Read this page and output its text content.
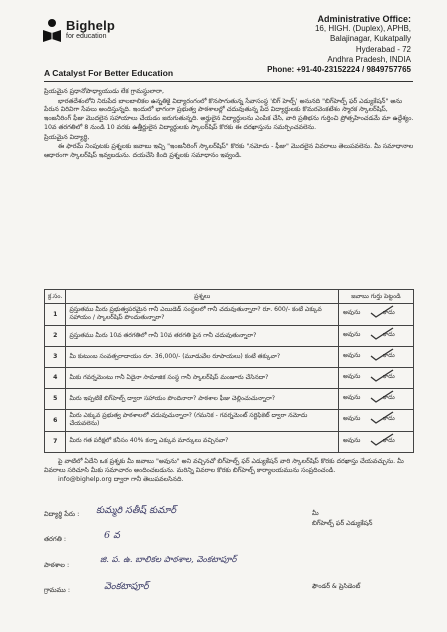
Bighelp
for education
A Catalyst For Better Education
Administrative Office:
16, HIGH. (Duplex), APHB,
Balajinagar, Kukatpally
Hyderabad - 72
Andhra Pradesh, INDIA
Phone: +91-40-23152224 / 9849757765

ప్రియమైన ప్రధానోపాధ్యాయుడు లేక గ్రామస్థులారా,

భారతదేశంలోని నిరుపేద బాలబాలికల ఉన్నతికై విద్యారంగంలో కొనసాగుతున్న సేవాసంస్థ 'బిగ్ హెల్ప్' అనునది "బిగ్‌హెల్ప్ ఫర్ ఎడ్యుకేషన్" అను పేరున విరివిగా సేవలు అందిస్తున్నది. ఇందులో భాగంగా ప్రభుత్వ పాఠశాలల్లో చదువుతున్న పేద విద్యార్థులకు కొమరవెంకటేశం స్మారక స్కాలర్‌షిప్, ఇంజనీరింగ్ ఫీజు మొదలైన సహాయాలు చేయడం జరుగుతున్నది. అర్హులైన విద్యార్థులను ఎంపిక చేసి, వారి ప్రతిభను గుర్తించి ప్రోత్సహించడమే మా ఉద్దేశ్యం. 10వ తరగతిలో 8 నుండి 10 వరకు ఉత్తీర్ణులైన విద్యార్థులకు స్కాలర్‌షిప్ కొరకు ఈ దరఖాస్తును సమర్పించవలెను.

ప్రియమైన విద్యార్థి,

ఈ ఫారమ్ నింపుటకు ప్రశ్నలకు జవాబు ఇచ్చి "ఇంజనీరింగ్ స్కాలర్‌షిప్" కొరకు "నమోదు - ఫీజు" మొదలైన వివరాలు తెలుపవలెను. మీ సమాధానాల ఆధారంగా స్కాలర్‌షిప్ ఇవ్వబడును. దయచేసి కింది ప్రశ్నలకు సమాధానం ఇవ్వండి.

క్ర.సం.	ప్రశ్నలు	జవాబు గుర్తు పెట్టండి
1	ప్రస్తుతము మీరు ప్రభుత్వపరమైన గానీ ఎయిడెడ్ సంస్థలలో గానీ చదువుతున్నారా? రూ. 600/- కంటే ఎక్కువ సహాయం / స్కాలర్‌షిప్ పొందుతున్నారా?	అవును కాదు

2	ప్రస్తుతము మీరు 10వ తరగతిలో గానీ 10వ తరగతి పైన గానీ చదువుతున్నారా?	అవును కాదు

3	మీ కుటుంబ సంవత్సరాదాయం రూ. 36,000/- (మూడువేల రూపాయలు) కంటే తక్కువా?	అవును కాదు

4	మీకు గవర్నమెంటు గానీ ఏదైనా సామాజిక సంస్థ గానీ స్కాలర్‌షిప్ మంజూరు చేసినదా?	అవును కాదు

5	మీరు ఇప్పటికే బిగ్‌హెల్ప్ ద్వారా సహాయం పొందినారా? పాఠశాల ఫీజు చెల్లించుచున్నారా?	అవును కాదు

6	మీరు ఎక్కువ ప్రభుత్వ పాఠశాలలో చదువుచున్నారా? (గమనిక - గవర్నమెంట్ సర్టిఫికెట్ ద్వారా నమోదు చేయవలెను)	అవును కాదు

7	మీరు గత పరీక్షలో కనీసం 40% కన్నా ఎక్కువ మార్కులు వచ్చినవా?	అవును కాదు

పై వాటిలో ఏదేని ఒక ప్రశ్నకు మీ జవాబు "అవును" అని వచ్చినచో బిగ్‌హెల్ప్ ఫర్ ఎడ్యుకేషన్ వారి స్కాలర్‌షిప్ కొరకు దరఖాస్తు చేయవచ్చును. మీ వివరాలు సరిచూసి మీకు సమాచారం అందించబడును. మరిన్ని వివరాల కొరకు బిగ్‌హెల్ప్ కార్యాలయమును సంప్రదించండి.

info@bighelp.org ద్వారా గానీ తెలుపవలసినది.

విద్యార్థి పేరు : కుమ్మరి సతీష్ కుమార్
తరగతి :	6 వ
పాఠశాల :	జి. ప. ఉ. బాలికల పాఠశాల, వెంకటాపూర్
గ్రామము :	వెంకటాపూర్
మీ
బిగ్‌హెల్ప్ ఫర్ ఎడ్యుకేషన్
ఫౌండర్ & ప్రెసిడెంట్
